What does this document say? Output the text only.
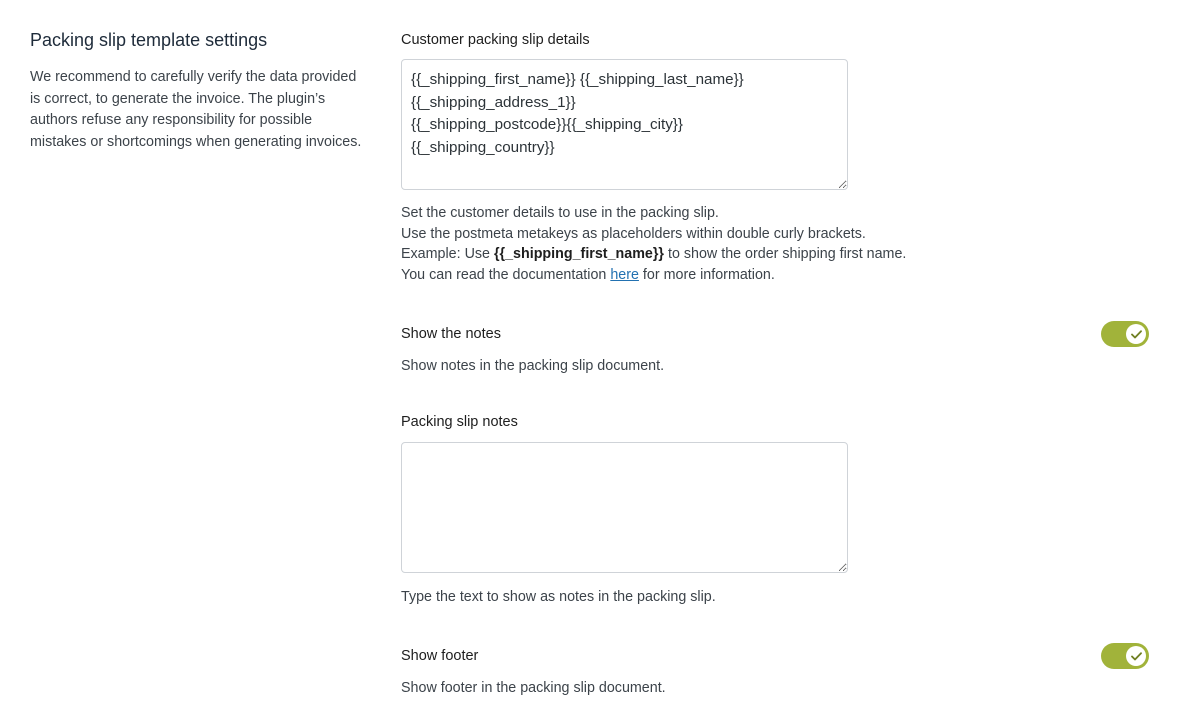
Packing slip template settings

We recommend to carefully verify the data provided is correct, to generate the invoice. The plugin’s authors refuse any responsibility for possible mistakes or shortcomings when generating invoices.

Customer packing slip details
{{_shipping_first_name}} {{_shipping_last_name}} {{_shipping_address_1}} {{_shipping_postcode}}{{_shipping_city}} {{_shipping_country}}

Set the customer details to use in the packing slip.

Use the postmeta metakeys as placeholders within double curly brackets.

Example: Use {{_shipping_first_name}} to show the order shipping first name.

You can read the documentation here for more information.

Show the notes

Show notes in the packing slip document.

Packing slip notes

Type the text to show as notes in the packing slip.

Show footer

Show footer in the packing slip document.
